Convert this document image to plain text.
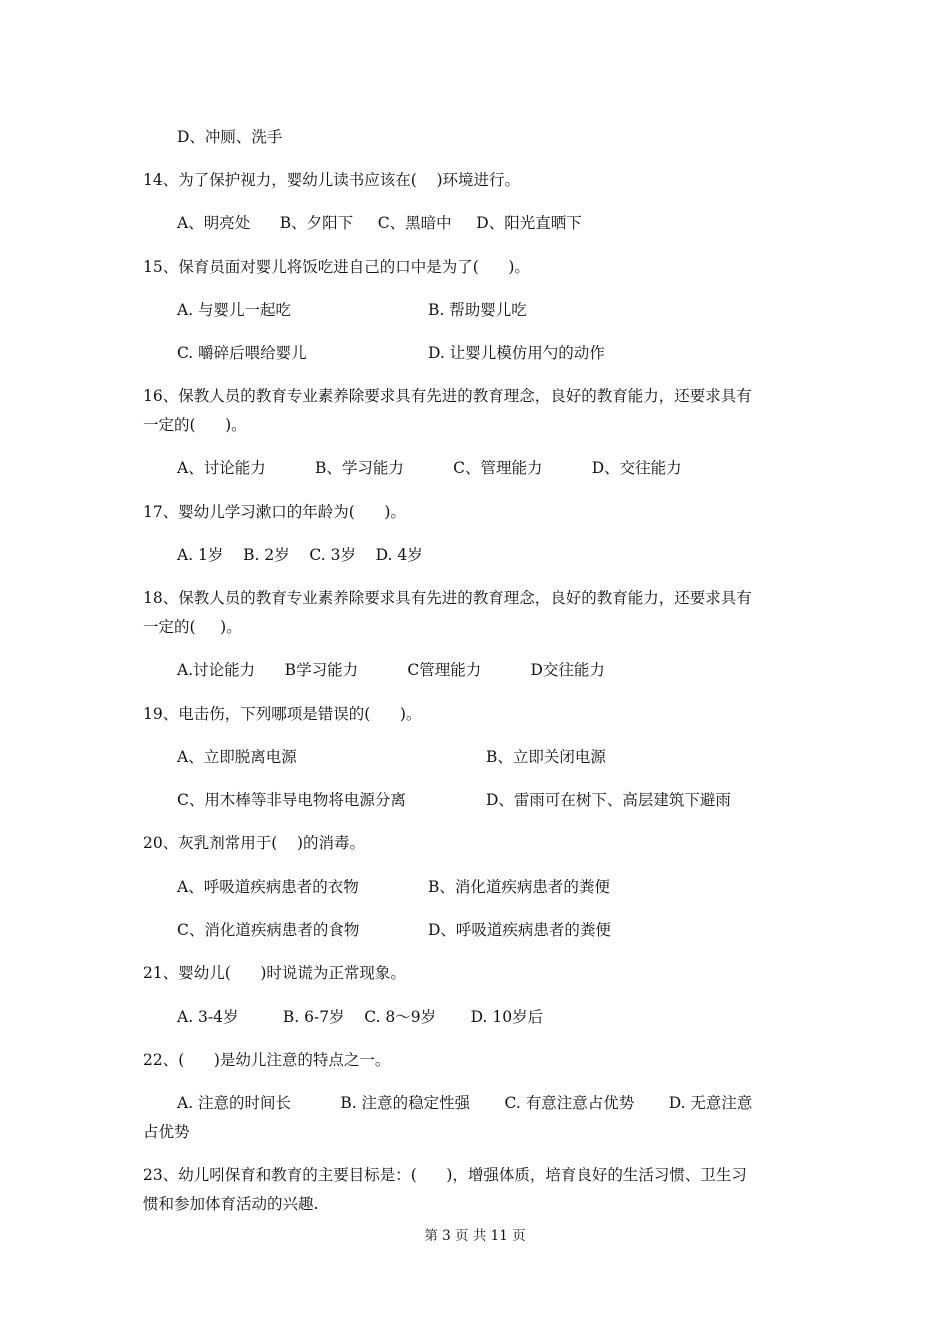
D、冲厕、洗手

14、为了保护视力，婴幼儿读书应该在(    )环境进行。

A、明亮处      B、夕阳下     C、黑暗中     D、阳光直晒下

15、保育员面对婴儿将饭吃进自己的口中是为了(      )。

A. 与婴儿一起吃	B. 帮助婴儿吃

C. 嚼碎后喂给婴儿	D. 让婴儿模仿用勺的动作

16、保教人员的教育专业素养除要求具有先进的教育理念，良好的教育能力，还要求具有

一定的(      )。

A、讨论能力          B、学习能力          C、管理能力          D、交往能力

17、婴幼儿学习漱口的年龄为(      )。

A. 1岁    B. 2岁    C. 3岁    D. 4岁

18、保教人员的教育专业素养除要求具有先进的教育理念，良好的教育能力，还要求具有

一定的(     )。

A.讨论能力      B学习能力          C管理能力          D交往能力

19、电击伤，下列哪项是错误的(      )。

A、立即脱离电源	B、立即关闭电源

C、用木棒等非导电物将电源分离	D、雷雨可在树下、高层建筑下避雨

20、灰乳剂常用于(    )的消毒。

A、呼吸道疾病患者的衣物	B、消化道疾病患者的粪便

C、消化道疾病患者的食物	D、呼吸道疾病患者的粪便

21、婴幼儿(      )时说谎为正常现象。

A. 3-4岁         B. 6-7岁    C. 8～9岁       D. 10岁后

22、(      )是幼儿注意的特点之一。

A. 注意的时间长          B. 注意的稳定性强       C. 有意注意占优势       D. 无意注意

占优势

23、幼儿吲保育和教育的主要目标是：(      )，增强体质，培育良好的生活习惯、卫生习

惯和参加体育活动的兴趣.

第 3 页 共 11 页
